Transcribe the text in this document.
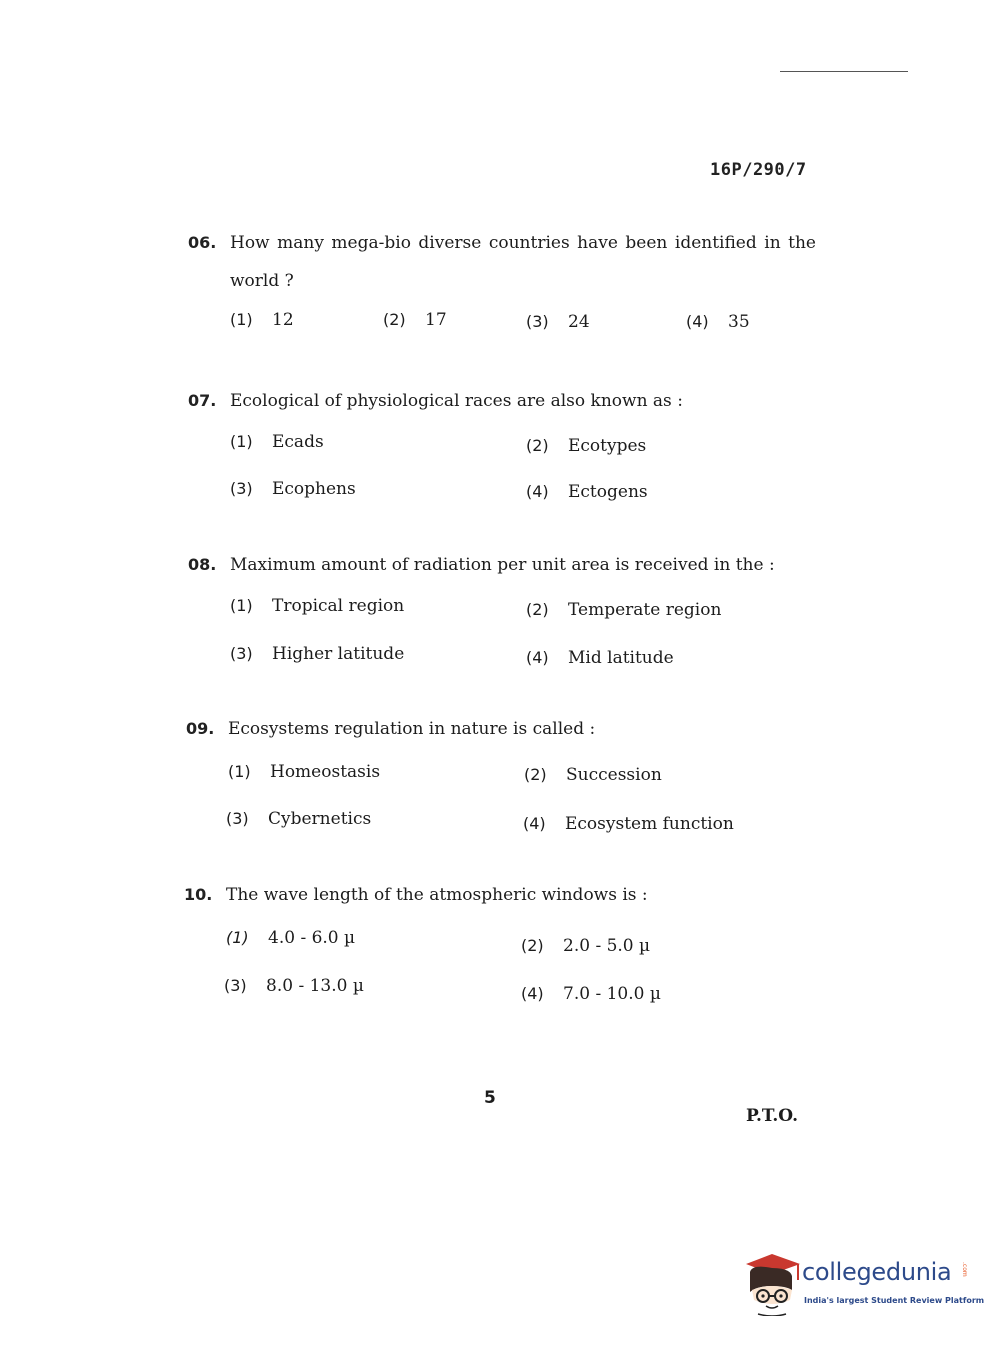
16P/290/7
06. How many mega-bio diverse countries have been identified in the world ?
(1) 12	(2) 17	(3) 24	(4) 35
07. Ecological of physiological races are also known as :
(1) Ecads	(2) Ecotypes
(3) Ecophens	(4) Ectogens
08. Maximum amount of radiation per unit area is received in the :
(1) Tropical region	(2) Temperate region
(3) Higher latitude	(4) Mid latitude
09. Ecosystems regulation in nature is called :
(1) Homeostasis	(2) Succession
(3) Cybernetics	(4) Ecosystem function
10. The wave length of the atmospheric windows is :
(1) 4.0 - 6.0 µ	(2) 2.0 - 5.0 µ
(3) 8.0 - 13.0 µ	(4) 7.0 - 10.0 µ
5
P.T.O.
collegedunia .com
India's largest Student Review Platform
